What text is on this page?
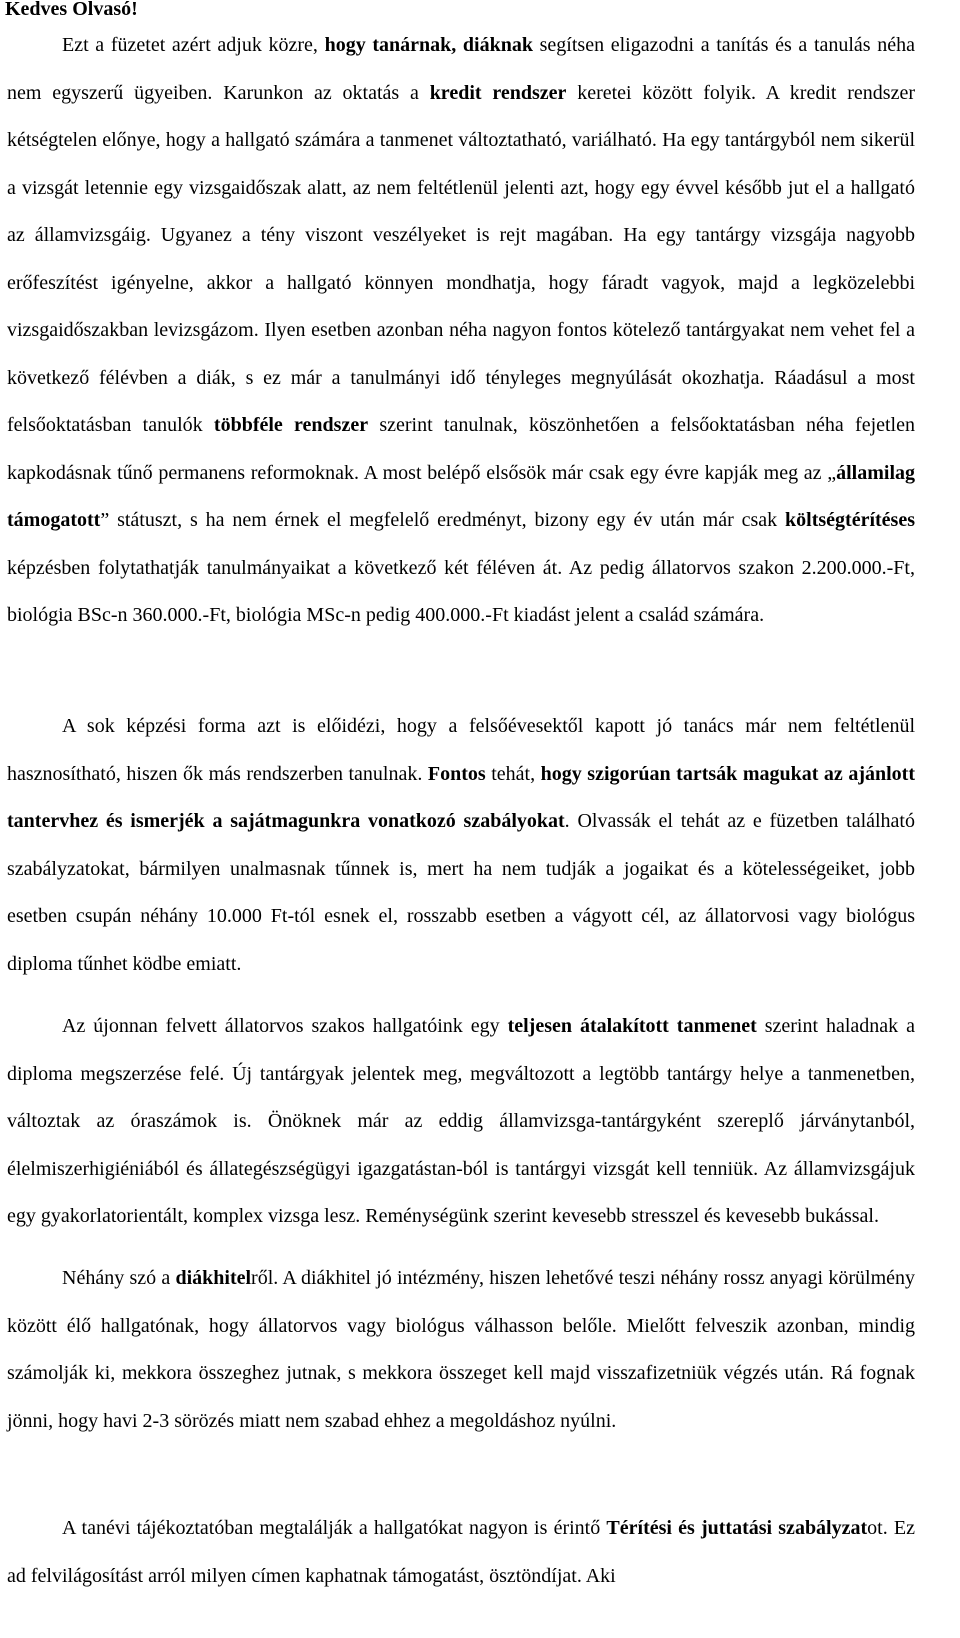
Kedves Olvasó!

Ezt a füzetet azért adjuk közre, hogy tanárnak, diáknak segítsen eligazodni a tanítás és a tanulás néha nem egyszerű ügyeiben. Karunkon az oktatás a kredit rendszer keretei között folyik. A kredit rendszer kétségtelen előnye, hogy a hallgató számára a tanmenet változtatható, variálható. Ha egy tantárgyból nem sikerül a vizsgát letennie egy vizsgaidőszak alatt, az nem feltétlenül jelenti azt, hogy egy évvel később jut el a hallgató az államvizsgáig. Ugyanez a tény viszont veszélyeket is rejt magában. Ha egy tantárgy vizsgája nagyobb erőfeszítést igényelne, akkor a hallgató könnyen mondhatja, hogy fáradt vagyok, majd a legközelebbi vizsgaidőszakban levizsgázom. Ilyen esetben azonban néha nagyon fontos kötelező tantárgyakat nem vehet fel a következő félévben a diák, s ez már a tanulmányi idő tényleges megnyúlását okozhatja. Ráadásul a most felsőoktatásban tanulók többféle rendszer szerint tanulnak, köszönhetően a felsőoktatásban néha fejetlen kapkodásnak tűnő permanens reformoknak. A most belépő elsősök már csak egy évre kapják meg az „államilag támogatott” státuszt, s ha nem érnek el megfelelő eredményt, bizony egy év után már csak költségtérítéses képzésben folytathatják tanulmányaikat a következő két féléven át. Az pedig állatorvos szakon 2.200.000.-Ft, biológia BSc-n 360.000.-Ft, biológia MSc-n pedig 400.000.-Ft kiadást jelent a család számára.

A sok képzési forma azt is előidézi, hogy a felsőévesektől kapott jó tanács már nem feltétlenül hasznosítható, hiszen ők más rendszerben tanulnak. Fontos tehát, hogy szigorúan tartsák magukat az ajánlott tantervhez és ismerjék a sajátmagunkra vonatkozó szabályokat. Olvassák el tehát az e füzetben található szabályzatokat, bármilyen unalmasnak tűnnek is, mert ha nem tudják a jogaikat és a kötelességeiket, jobb esetben csupán néhány 10.000 Ft-tól esnek el, rosszabb esetben a vágyott cél, az állatorvosi vagy biológus diploma tűnhet ködbe emiatt.

Az újonnan felvett állatorvos szakos hallgatóink egy teljesen átalakított tanmenet szerint haladnak a diploma megszerzése felé. Új tantárgyak jelentek meg, megváltozott a legtöbb tantárgy helye a tanmenetben, változtak az óraszámok is. Önöknek már az eddig államvizsga-tantárgyként szereplő járványtanból, élelmiszerhigiéniából és állategészségügyi igazgatástan-ból is tantárgyi vizsgát kell tenniük. Az államvizsgájuk egy gyakorlatorientált, komplex vizsga lesz. Reménységünk szerint kevesebb stresszel és kevesebb bukással.

Néhány szó a diákhitelről. A diákhitel jó intézmény, hiszen lehetővé teszi néhány rossz anyagi körülmény között élő hallgatónak, hogy állatorvos vagy biológus válhasson belőle. Mielőtt felveszik azonban, mindig számolják ki, mekkora összeghez jutnak, s mekkora összeget kell majd visszafizetniük végzés után. Rá fognak jönni, hogy havi 2-3 sörözés miatt nem szabad ehhez a megoldáshoz nyúlni.

A tanévi tájékoztatóban megtalálják a hallgatókat nagyon is érintő Térítési és juttatási szabályzatot. Ez ad felvilágosítást arról milyen címen kaphatnak támogatást, ösztöndíjat. Aki
